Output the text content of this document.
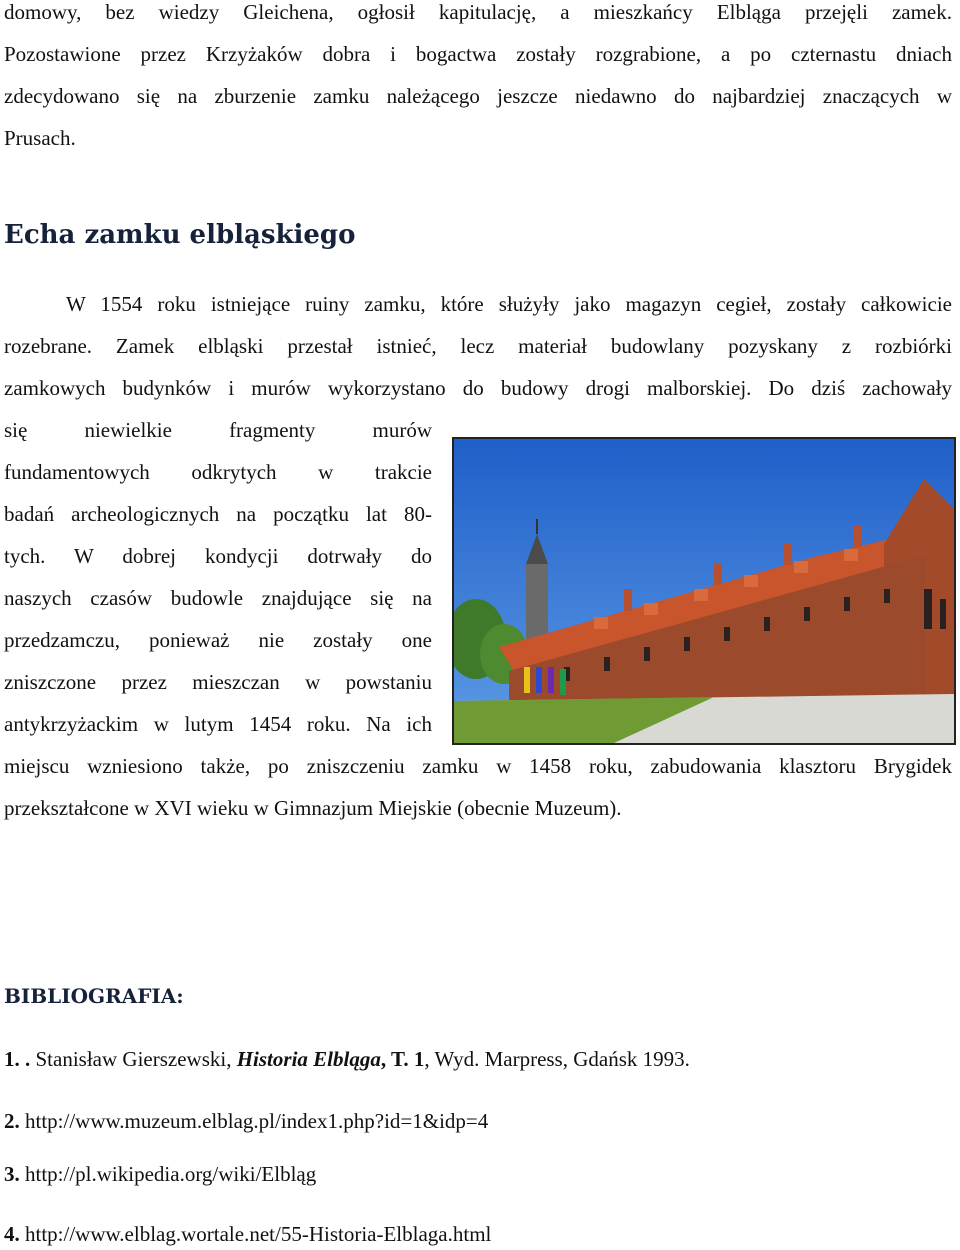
domowy, bez wiedzy Gleichena, ogłosił kapitulację, a mieszkańcy Elbląga przejęli zamek.
Pozostawione przez Krzyżaków dobra i bogactwa zostały rozgrabione, a po czternastu dniach
zdecydowano się na zburzenie zamku należącego jeszcze niedawno do najbardziej znaczących w
Prusach.
Echa zamku elbląskiego
W 1554 roku istniejące ruiny zamku, które służyły jako magazyn cegieł, zostały całkowicie
rozebrane. Zamek elbląski przestał istnieć, lecz materiał budowlany pozyskany z rozbiórki
zamkowych budynków i murów wykorzystano do budowy drogi malborskiej. Do dziś zachowały
się niewielkie fragmenty murów
fundamentowych odkrytych w trakcie
badań archeologicznych na początku lat 80-
tych. W dobrej kondycji dotrwały do
naszych czasów budowle znajdujące się na
przedzamczu, ponieważ nie zostały one
zniszczone przez mieszczan w powstaniu
antykrzyżackim w lutym 1454 roku. Na ich
miejscu wzniesiono także, po zniszczeniu zamku w 1458 roku, zabudowania klasztoru Brygidek
przekształcone w XVI wieku w Gimnazjum Miejskie (obecnie Muzeum).
BIBLIOGRAFIA:
1. . Stanisław Gierszewski, Historia Elbląga, T. 1, Wyd. Marpress, Gdańsk 1993.
2. http://www.muzeum.elblag.pl/index1.php?id=1&idp=4
3. http://pl.wikipedia.org/wiki/Elbląg
4. http://www.elblag.wortale.net/55-Historia-Elblaga.html
